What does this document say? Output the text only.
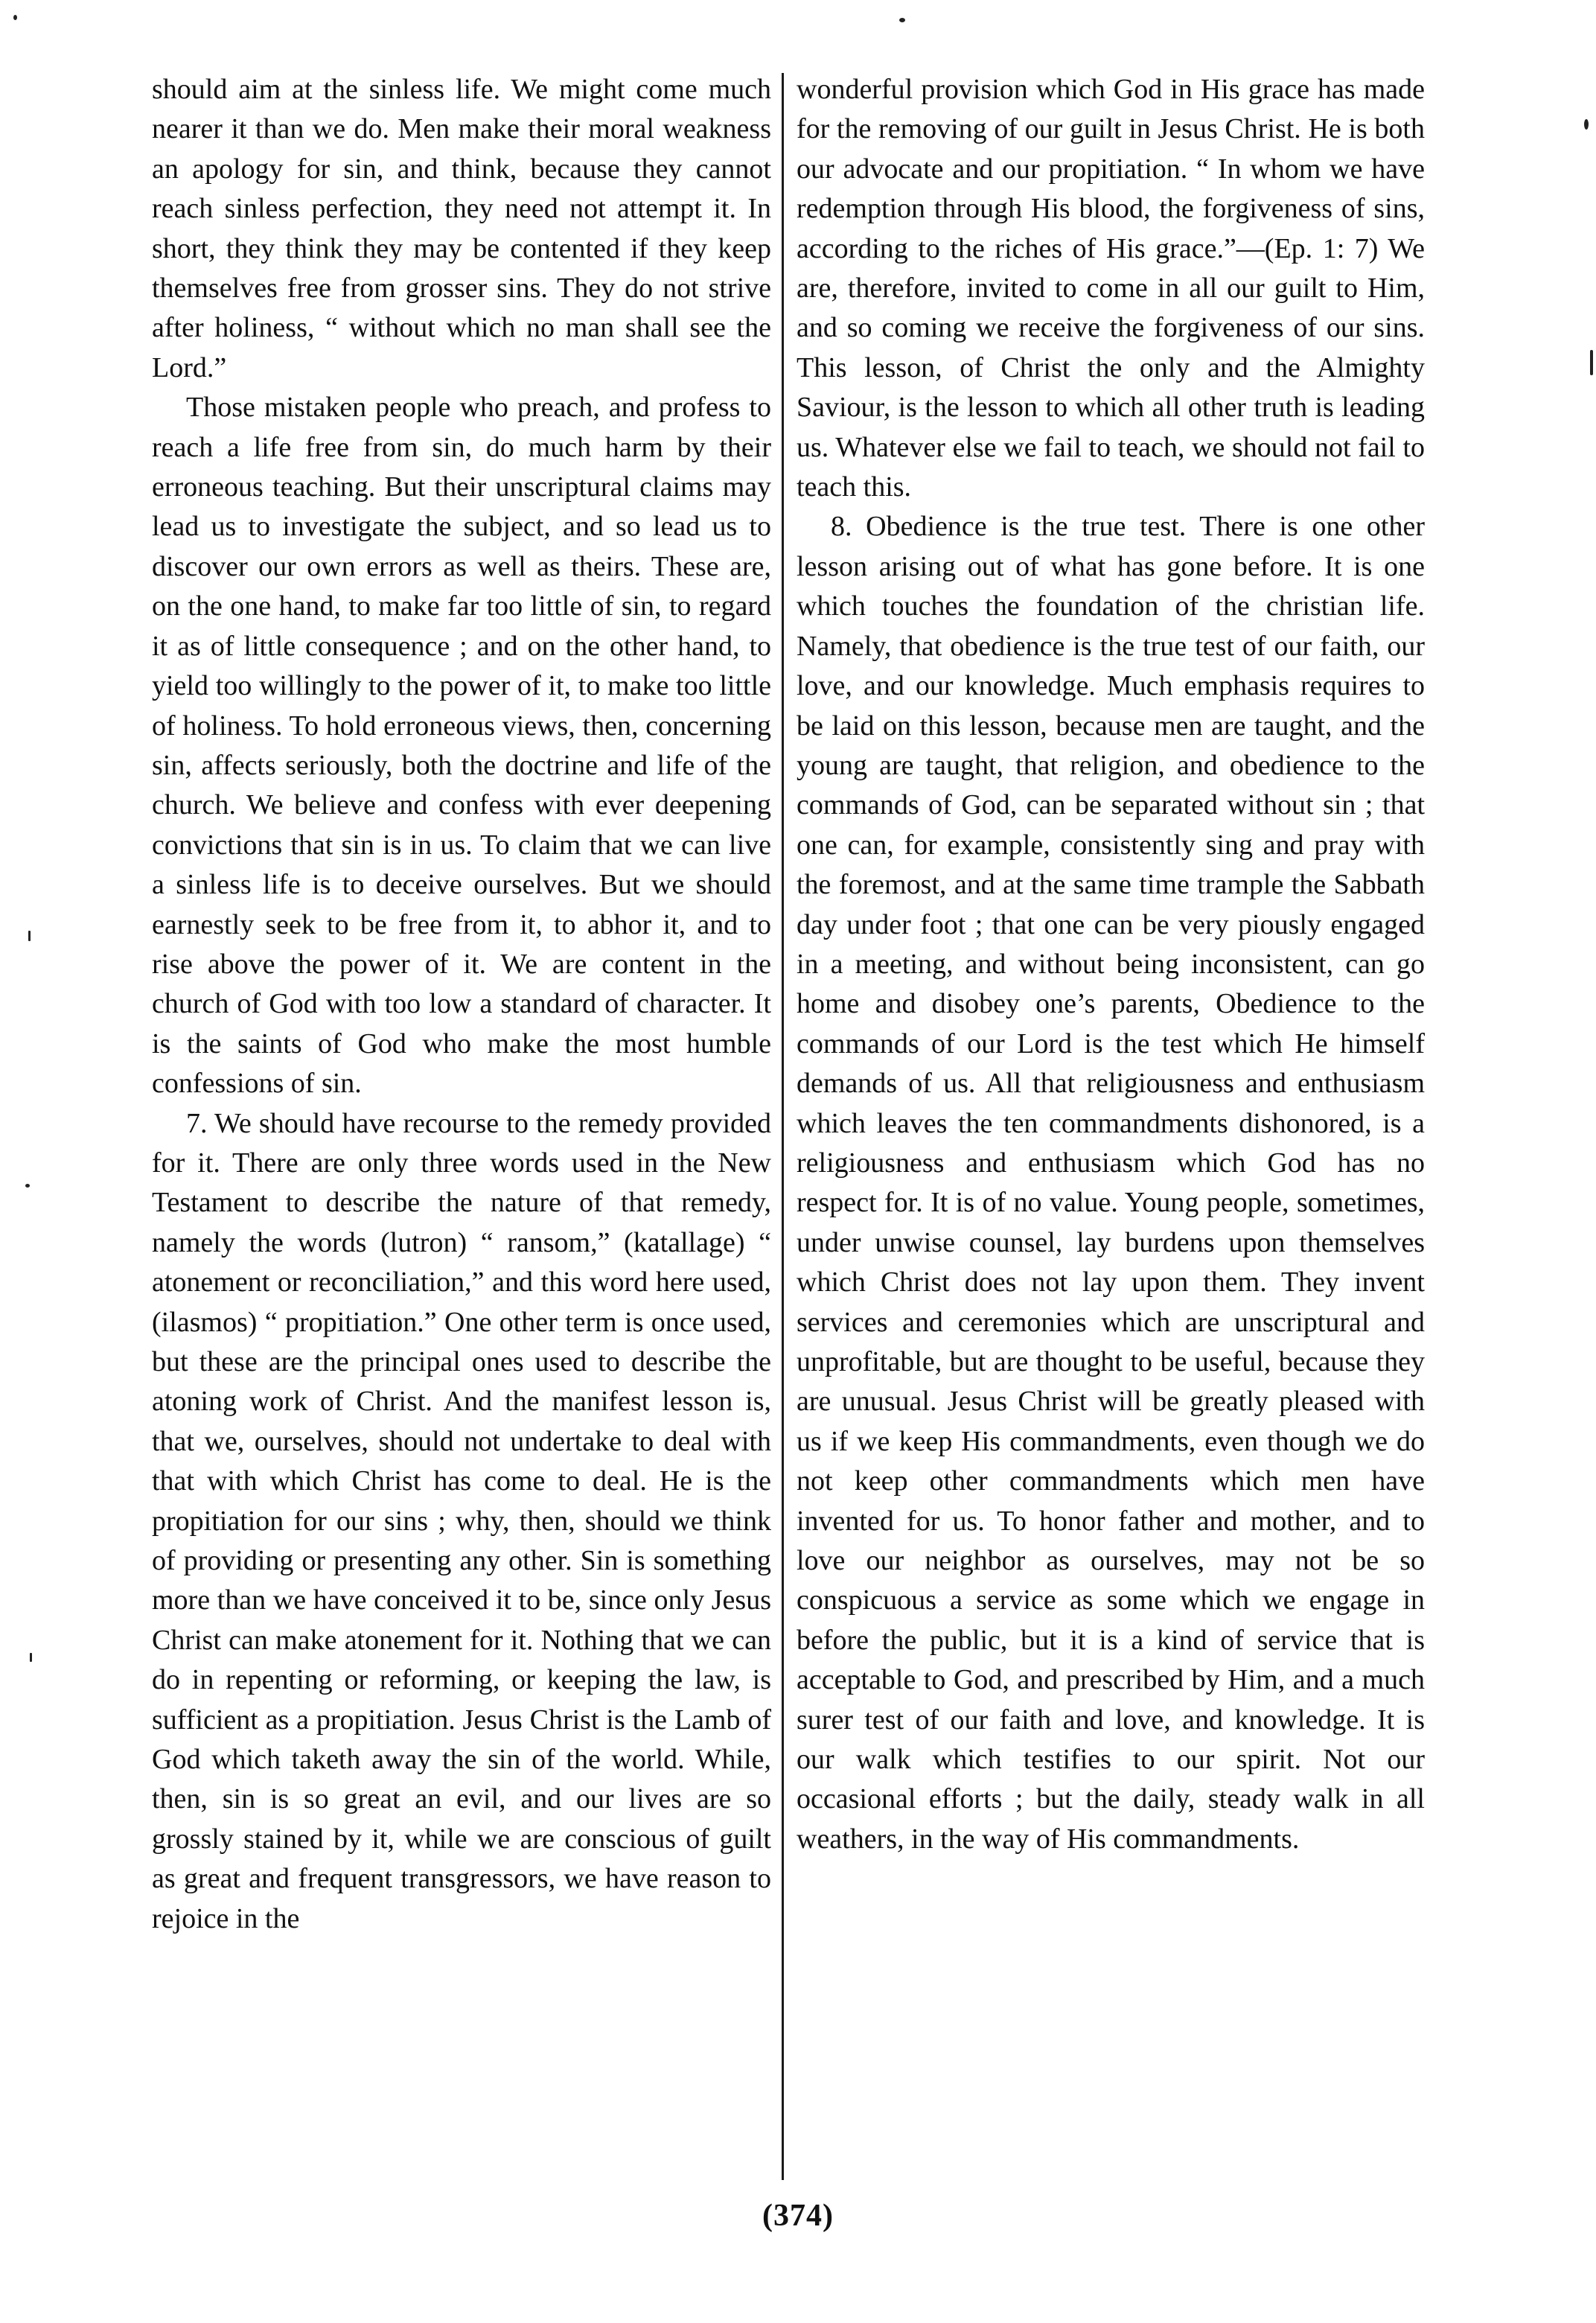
should aim at the sinless life. We might come much nearer it than we do. Men make their moral weakness an apology for sin, and think, because they cannot reach sinless perfection, they need not attempt it. In short, they think they may be contented if they keep themselves free from grosser sins. They do not strive after holiness, “ without which no man shall see the Lord.”

Those mistaken people who preach, and profess to reach a life free from sin, do much harm by their erroneous teaching. But their unscriptural claims may lead us to investigate the subject, and so lead us to discover our own errors as well as theirs. These are, on the one hand, to make far too little of sin, to regard it as of little consequence ; and on the other hand, to yield too willingly to the power of it, to make too little of holiness. To hold erroneous views, then, concerning sin, affects seriously, both the doctrine and life of the church. We believe and confess with ever deepening convictions that sin is in us. To claim that we can live a sinless life is to deceive ourselves. But we should earnestly seek to be free from it, to abhor it, and to rise above the power of it. We are content in the church of God with too low a standard of character. It is the saints of God who make the most humble confessions of sin.

7. We should have recourse to the remedy provided for it. There are only three words used in the New Testament to describe the nature of that remedy, namely the words (lutron) “ ransom,” (katallage) “ atonement or reconciliation,” and this word here used, (ilasmos) “ propitiation.” One other term is once used, but these are the principal ones used to describe the atoning work of Christ. And the manifest lesson is, that we, ourselves, should not undertake to deal with that with which Christ has come to deal. He is the propitiation for our sins ; why, then, should we think of providing or presenting any other. Sin is something more than we have conceived it to be, since only Jesus Christ can make atonement for it. Nothing that we can do in repenting or reforming, or keeping the law, is sufficient as a propitiation. Jesus Christ is the Lamb of God which taketh away the sin of the world. While, then, sin is so great an evil, and our lives are so grossly stained by it, while we are conscious of guilt as great and frequent transgressors, we have reason to rejoice in the

wonderful provision which God in His grace has made for the removing of our guilt in Jesus Christ. He is both our advocate and our propitiation. “ In whom we have redemption through His blood, the forgiveness of sins, according to the riches of His grace.”—(Ep. 1: 7) We are, therefore, invited to come in all our guilt to Him, and so coming we receive the forgiveness of our sins. This lesson, of Christ the only and the Almighty Saviour, is the lesson to which all other truth is leading us. Whatever else we fail to teach, we should not fail to teach this.

8. Obedience is the true test. There is one other lesson arising out of what has gone before. It is one which touches the foundation of the christian life. Namely, that obedience is the true test of our faith, our love, and our knowledge. Much emphasis requires to be laid on this lesson, because men are taught, and the young are taught, that religion, and obedience to the commands of God, can be separated without sin ; that one can, for example, consistently sing and pray with the foremost, and at the same time trample the Sabbath day under foot ; that one can be very piously engaged in a meeting, and without being inconsistent, can go home and disobey one’s parents, Obedience to the commands of our Lord is the test which He himself demands of us. All that religiousness and enthusiasm which leaves the ten commandments dishonored, is a religiousness and enthusiasm which God has no respect for. It is of no value. Young people, sometimes, under unwise counsel, lay burdens upon themselves which Christ does not lay upon them. They invent services and ceremonies which are unscriptural and unprofitable, but are thought to be useful, because they are unusual. Jesus Christ will be greatly pleased with us if we keep His commandments, even though we do not keep other commandments which men have invented for us. To honor father and mother, and to love our neighbor as ourselves, may not be so conspicuous a service as some which we engage in before the public, but it is a kind of service that is acceptable to God, and prescribed by Him, and a much surer test of our faith and love, and knowledge. It is our walk which testifies to our spirit. Not our occasional efforts ; but the daily, steady walk in all weathers, in the way of His commandments.

(374)
